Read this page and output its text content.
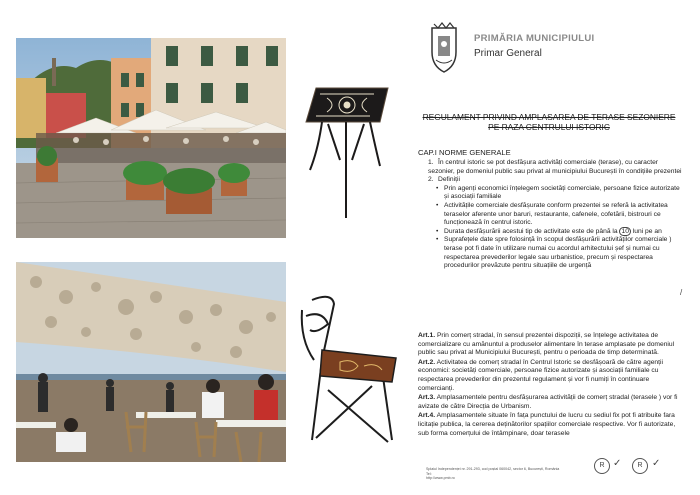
PRIMĂRIA MUNICIPIULUI
Primar General
REGULAMENT PRIVIND AMPLASAREA DE TERASE SEZONIERE
PE RAZA CENTRULUI ISTORIC
CAP.I NORME GENERALE
1. În centrul istoric se pot desfășura activități comerciale (terase), cu caracter sezonier, pe domeniul public sau privat al municipiului București în condițiile prezentei
2. Definiții
• Prin agenți economici înțelegem societăți comerciale, persoane fizice autorizate și asociații familiale
• Activitățile comerciale desfășurate conform prezentei se referă la activitatea teraselor aferente unor baruri, restaurante, cafenele, cofetării, bistrouri ce funcționează în centrul istoric.
• Durata desfășurării acestui tip de activitate este de până la 10 luni pe an
• Suprafețele date spre folosință în scopul desfășurării activităților comerciale ) terase pot fi date în utilizare numai cu acordul arhitectului șef și numai cu respectarea prevederilor legale sau urbanistice, precum și respectarea procedurilor prevăzute pentru situațiile de urgență
Art.1. Prin comerț stradal, în sensul prezentei dispoziții, se înțelege activitatea de comercializare cu amănuntul a produselor alimentare în terase amplasate pe domeniul public sau privat al Municipiului București, pentru o perioada de timp determinată.
Art.2. Activitatea de comerț stradal în Centrul Istoric se desfășoară de către agenții economici: societăți comerciale, persoane fizice autorizate și asociații familiale cu respectarea prevederilor din prezentul regulament și vor fi numiți în continuare comercianți.
Art.3. Amplasamentele pentru desfășurarea activității de comerț stradal (terasele ) vor fi avizate de către Direcția de Urbanism.
Art.4. Amplasamentele situate în fața punctului de lucru cu sediul fix pot fi atribuite fara licitație publica, la cererea deținătorilor spațiilor comerciale respective. Vor fi autorizate, sub forma comerțului de întâmpinare, doar terasele
/
Splaiul Independenței nr. 291-293, cod poștal 060042, sector 6, București, România
Tel:
http://www.pmb.ro
R ✓	R ✓
